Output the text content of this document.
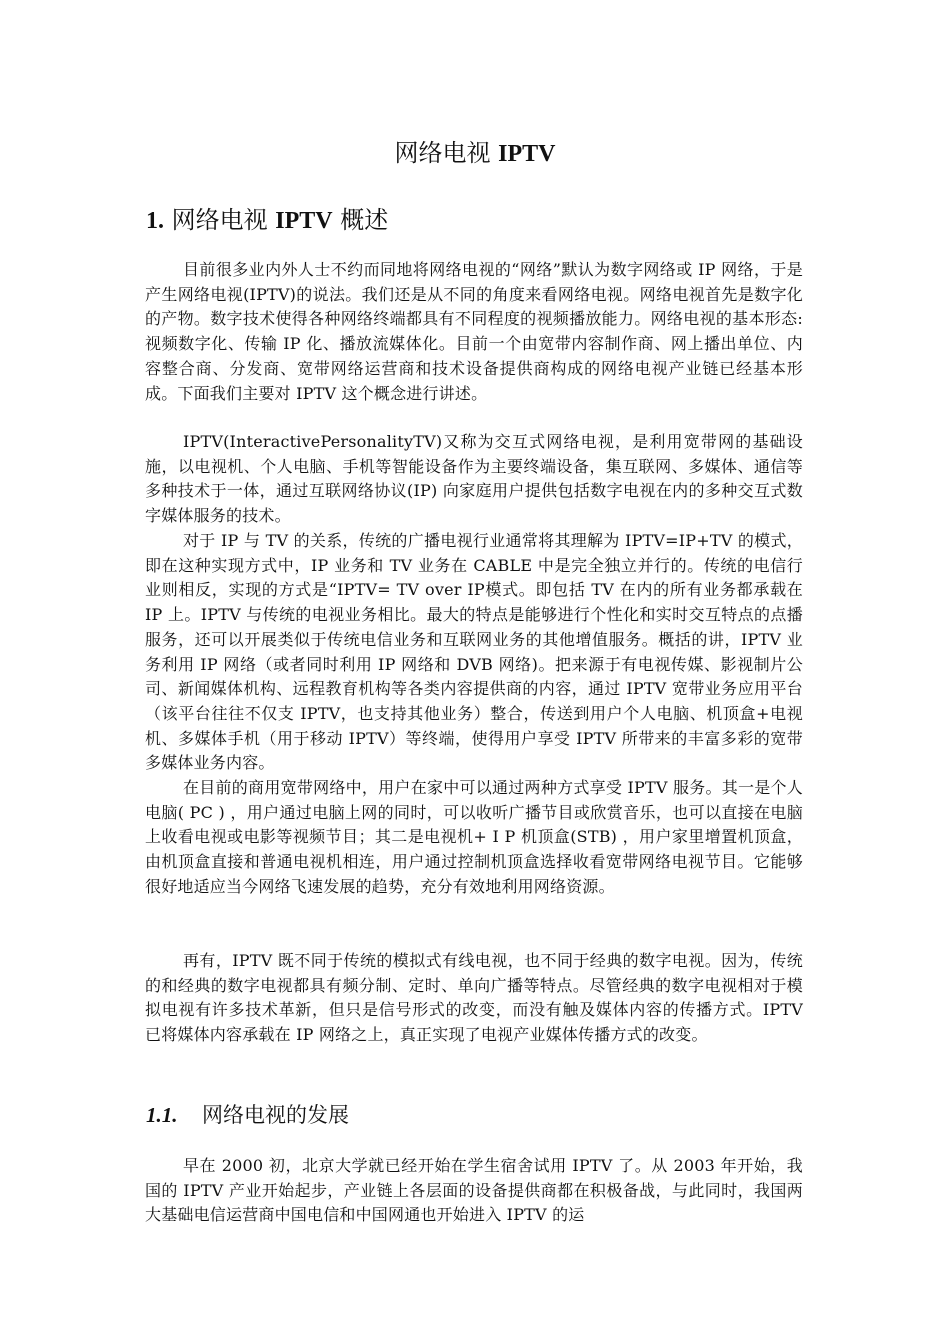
网络电视 IPTV
1. 网络电视 IPTV 概述

目前很多业内外人士不约而同地将网络电视的“网络”默认为数字网络或 IP 网络，于是产生网络电视(IPTV)的说法。我们还是从不同的角度来看网络电视。网络电视首先是数字化的产物。数字技术使得各种网络终端都具有不同程度的视频播放能力。网络电视的基本形态: 视频数字化、传输 IP 化、播放流媒体化。目前一个由宽带内容制作商、网上播出单位、内容整合商、分发商、宽带网络运营商和技术设备提供商构成的网络电视产业链已经基本形成。下面我们主要对 IPTV 这个概念进行讲述。

IPTV(InteractivePersonalityTV)又称为交互式网络电视，是利用宽带网的基础设施，以电视机、个人电脑、手机等智能设备作为主要终端设备，集互联网、多媒体、通信等多种技术于一体，通过互联网络协议(IP) 向家庭用户提供包括数字电视在内的多种交互式数字媒体服务的技术。

对于 IP 与 TV 的关系，传统的广播电视行业通常将其理解为 IPTV=IP+TV 的模式，即在这种实现方式中，IP 业务和 TV 业务在 CABLE 中是完全独立并行的。传统的电信行业则相反，实现的方式是“IPTV= TV over IP模式。即包括 TV 在内的所有业务都承载在 IP 上。IPTV 与传统的电视业务相比。最大的特点是能够进行个性化和实时交互特点的点播服务，还可以开展类似于传统电信业务和互联网业务的其他增值服务。概括的讲，IPTV 业务利用 IP 网络（或者同时利用 IP 网络和 DVB 网络)。把来源于有电视传媒、影视制片公司、新闻媒体机构、远程教育机构等各类内容提供商的内容，通过 IPTV 宽带业务应用平台（该平台往往不仅支 IPTV，也支持其他业务）整合，传送到用户个人电脑、机顶盒+电视机、多媒体手机（用于移动 IPTV）等终端，使得用户享受 IPTV 所带来的丰富多彩的宽带多媒体业务内容。

在目前的商用宽带网络中，用户在家中可以通过两种方式享受 IPTV 服务。其一是个人电脑( PC ) ，用户通过电脑上网的同时，可以收听广播节目或欣赏音乐，也可以直接在电脑上收看电视或电影等视频节目；其二是电视机+ I P 机顶盒(STB) ，用户家里增置机顶盒，由机顶盒直接和普通电视机相连，用户通过控制机顶盒选择收看宽带网络电视节目。它能够很好地适应当今网络飞速发展的趋势，充分有效地利用网络资源。

再有，IPTV 既不同于传统的模拟式有线电视，也不同于经典的数字电视。因为，传统的和经典的数字电视都具有频分制、定时、单向广播等特点。尽管经典的数字电视相对于模拟电视有许多技术革新，但只是信号形式的改变，而没有触及媒体内容的传播方式。IPTV 已将媒体内容承载在 IP 网络之上，真正实现了电视产业媒体传播方式的改变。

1.1. 网络电视的发展

早在 2000 初，北京大学就已经开始在学生宿舍试用 IPTV 了。从 2003 年开始，我国的 IPTV 产业开始起步，产业链上各层面的设备提供商都在积极备战，与此同时，我国两大基础电信运营商中国电信和中国网通也开始进入 IPTV 的运
